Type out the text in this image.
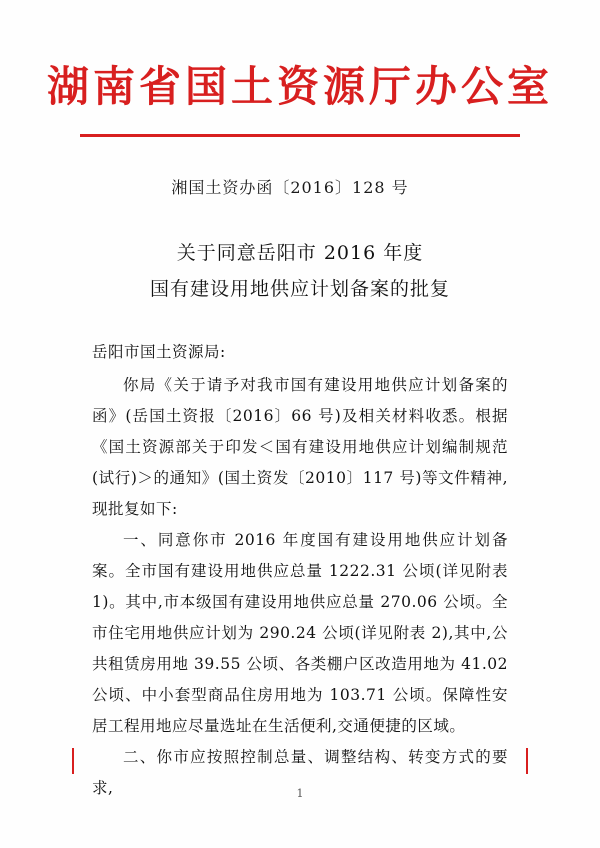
湖南省国土资源厅办公室
湘国土资办函〔2016〕128 号
关于同意岳阳市 2016 年度
国有建设用地供应计划备案的批复
岳阳市国土资源局:

你局《关于请予对我市国有建设用地供应计划备案的函》(岳国土资报〔2016〕66 号)及相关材料收悉。根据《国土资源部关于印发＜国有建设用地供应计划编制规范(试行)＞的通知》(国土资发〔2010〕117 号)等文件精神,现批复如下:

一、同意你市 2016 年度国有建设用地供应计划备案。全市国有建设用地供应总量 1222.31 公顷(详见附表 1)。其中,市本级国有建设用地供应总量 270.06 公顷。全市住宅用地供应计划为 290.24 公顷(详见附表 2),其中,公共租赁房用地 39.55 公顷、各类棚户区改造用地为 41.02 公顷、中小套型商品住房用地为 103.71 公顷。保障性安居工程用地应尽量选址在生活便利,交通便捷的区域。

二、你市应按照控制总量、调整结构、转变方式的要求,	1
